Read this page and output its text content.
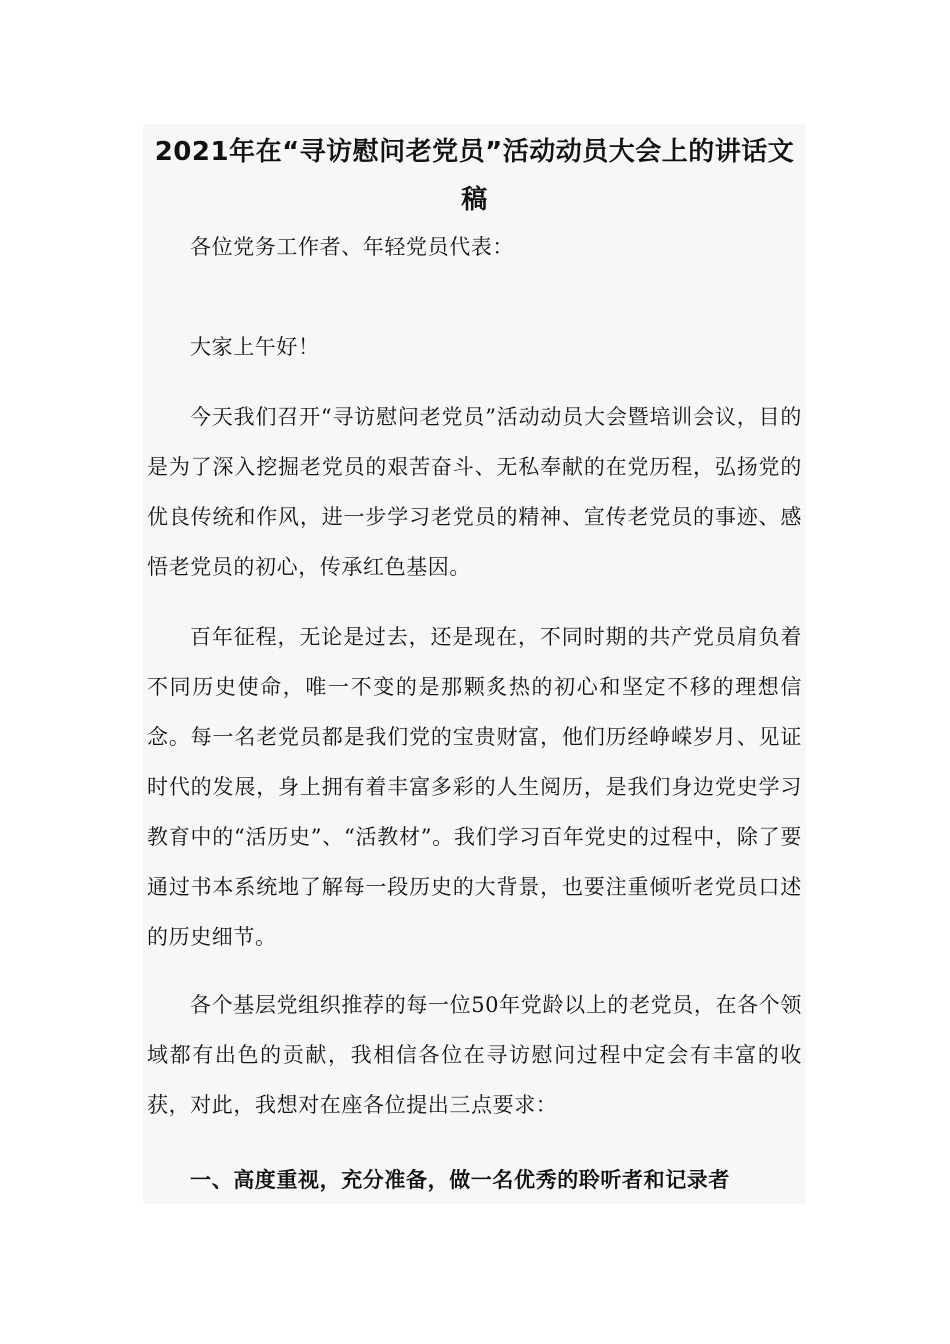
2021年在“寻访慰问老党员”活动动员大会上的讲话文稿

各位党务工作者、年轻党员代表：

大家上午好！

今天我们召开“寻访慰问老党员”活动动员大会暨培训会议，目的是为了深入挖掘老党员的艰苦奋斗、无私奉献的在党历程，弘扬党的优良传统和作风，进一步学习老党员的精神、宣传老党员的事迹、感悟老党员的初心，传承红色基因。

百年征程，无论是过去，还是现在，不同时期的共产党员肩负着不同历史使命，唯一不变的是那颗炙热的初心和坚定不移的理想信念。每一名老党员都是我们党的宝贵财富，他们历经峥嵘岁月、见证时代的发展，身上拥有着丰富多彩的人生阅历，是我们身边党史学习教育中的“活历史”、“活教材”。我们学习百年党史的过程中，除了要通过书本系统地了解每一段历史的大背景，也要注重倾听老党员口述的历史细节。

各个基层党组织推荐的每一位50年党龄以上的老党员，在各个领域都有出色的贡献，我相信各位在寻访慰问过程中定会有丰富的收获，对此，我想对在座各位提出三点要求：

一、高度重视，充分准备，做一名优秀的聆听者和记录者
